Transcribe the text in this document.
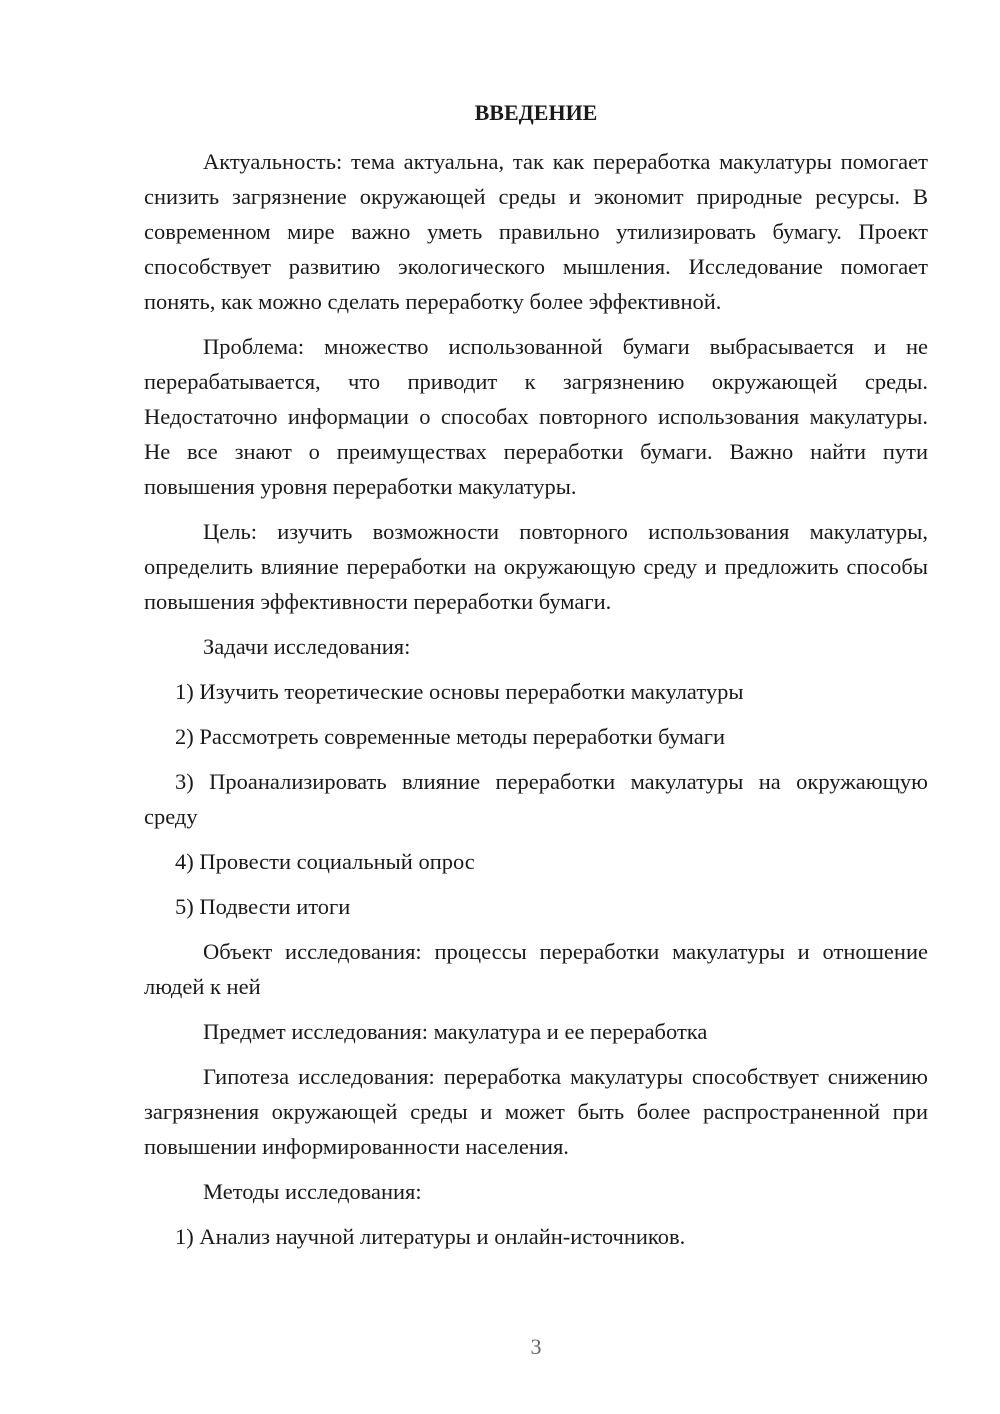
ВВЕДЕНИЕ
Актуальность: тема актуальна, так как переработка макулатуры помогает снизить загрязнение окружающей среды и экономит природные ресурсы. В современном мире важно уметь правильно утилизировать бумагу. Проект способствует развитию экологического мышления. Исследование помогает понять, как можно сделать переработку более эффективной.
Проблема: множество использованной бумаги выбрасывается и не перерабатывается, что приводит к загрязнению окружающей среды. Недостаточно информации о способах повторного использования макулатуры. Не все знают о преимуществах переработки бумаги. Важно найти пути повышения уровня переработки макулатуры.
Цель: изучить возможности повторного использования макулатуры, определить влияние переработки на окружающую среду и предложить способы повышения эффективности переработки бумаги.
Задачи исследования:
1) Изучить теоретические основы переработки макулатуры
2) Рассмотреть современные методы переработки бумаги
3) Проанализировать влияние переработки макулатуры на окружающую среду
4) Провести социальный опрос
5) Подвести итоги
Объект исследования: процессы переработки макулатуры и отношение людей к ней
Предмет исследования: макулатура и ее переработка
Гипотеза исследования: переработка макулатуры способствует снижению загрязнения окружающей среды и может быть более распространенной при повышении информированности населения.
Методы исследования:
1) Анализ научной литературы и онлайн-источников.
3
